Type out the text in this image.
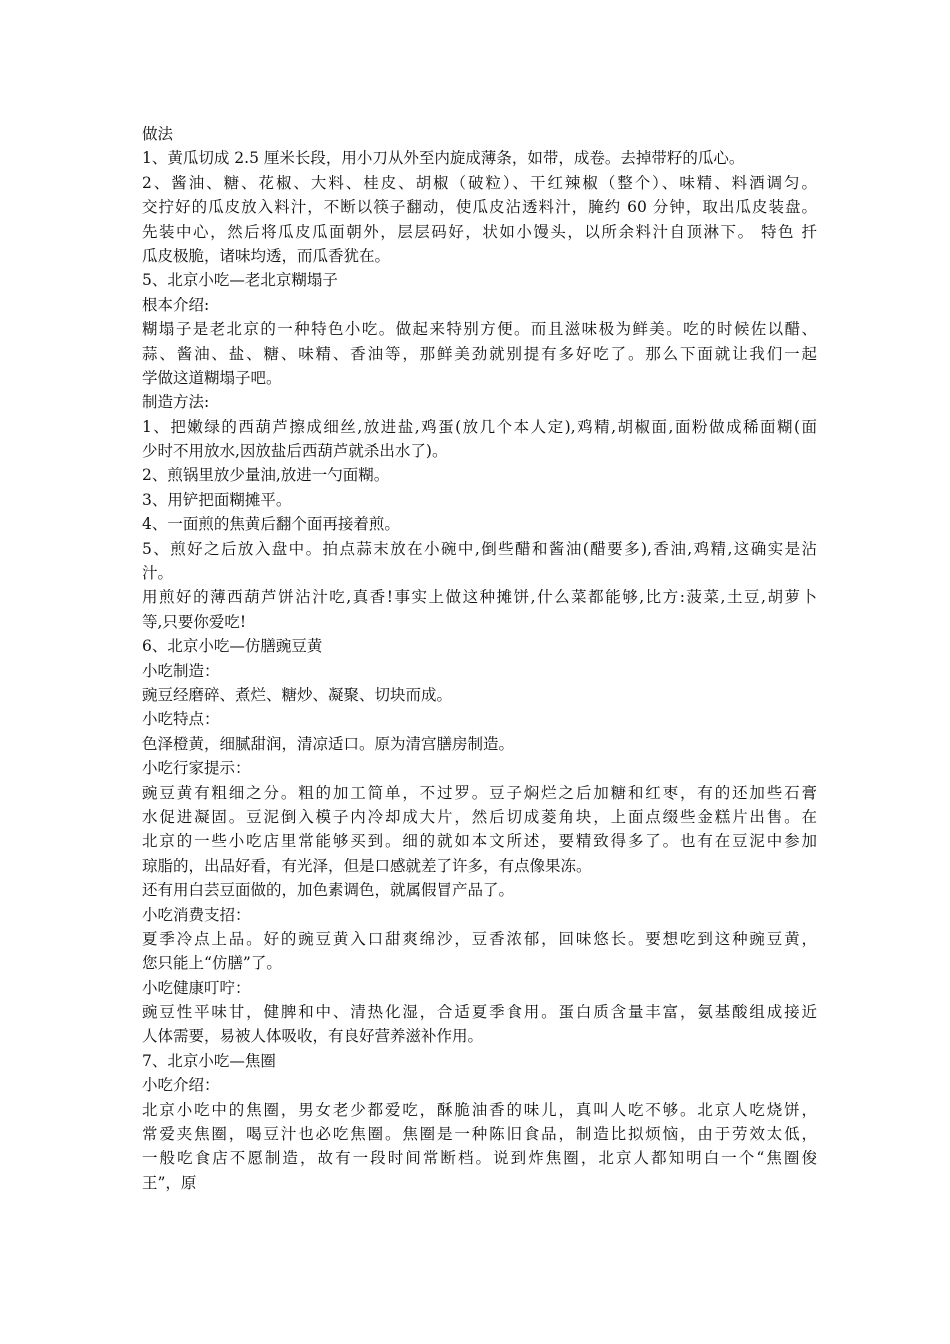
做法
1、黄瓜切成 2.5 厘米长段，用小刀从外至内旋成薄条，如带，成卷。去掉带籽的瓜心。
2、酱油、糖、花椒、大料、桂皮、胡椒（破粒）、干红辣椒（整个）、味精、料酒调匀。
交拧好的瓜皮放入料汁，不断以筷子翻动，使瓜皮沾透料汁，腌约 60 分钟，取出瓜皮装盘。
先装中心，然后将瓜皮瓜面朝外，层层码好，状如小馒头，以所余料汁自顶淋下。 特色 扦
瓜皮极脆，诸味均透，而瓜香犹在。
5、北京小吃—老北京糊塌子
根本介绍:
糊塌子是老北京的一种特色小吃。做起来特别方便。而且滋味极为鲜美。吃的时候佐以醋、
蒜、酱油、盐、糖、味精、香油等，那鲜美劲就别提有多好吃了。那么下面就让我们一起
学做这道糊塌子吧。
制造方法:
1、把嫩绿的西葫芦擦成细丝,放进盐,鸡蛋(放几个本人定),鸡精,胡椒面,面粉做成稀面糊(面
少时不用放水,因放盐后西葫芦就杀出水了)。
2、煎锅里放少量油,放进一勺面糊。
3、用铲把面糊摊平。
4、一面煎的焦黄后翻个面再接着煎。
5、煎好之后放入盘中。拍点蒜末放在小碗中,倒些醋和酱油(醋要多),香油,鸡精,这确实是沾
汁。
用煎好的薄西葫芦饼沾汁吃,真香!事实上做这种摊饼,什么菜都能够,比方:菠菜,土豆,胡萝卜
等,只要你爱吃!
6、北京小吃—仿膳豌豆黄
小吃制造：
豌豆经磨碎、煮烂、糖炒、凝聚、切块而成。
小吃特点：
色泽橙黄，细腻甜润，清凉适口。原为清宫膳房制造。
小吃行家提示：
豌豆黄有粗细之分。粗的加工简单，不过罗。豆子焖烂之后加糖和红枣，有的还加些石膏
水促进凝固。豆泥倒入模子内冷却成大片，然后切成菱角块，上面点缀些金糕片出售。在
北京的一些小吃店里常能够买到。细的就如本文所述，要精致得多了。也有在豆泥中参加
琼脂的，出品好看，有光泽，但是口感就差了许多，有点像果冻。
还有用白芸豆面做的，加色素调色，就属假冒产品了。
小吃消费支招：
夏季冷点上品。好的豌豆黄入口甜爽绵沙，豆香浓郁，回味悠长。要想吃到这种豌豆黄，
您只能上“仿膳”了。
小吃健康叮咛：
豌豆性平味甘，健脾和中、清热化湿，合适夏季食用。蛋白质含量丰富，氨基酸组成接近
人体需要，易被人体吸收，有良好营养滋补作用。
7、北京小吃—焦圈
小吃介绍：
北京小吃中的焦圈，男女老少都爱吃，酥脆油香的味儿，真叫人吃不够。北京人吃烧饼，
常爱夹焦圈，喝豆汁也必吃焦圈。焦圈是一种陈旧食品，制造比拟烦恼，由于劳效太低，
一般吃食店不愿制造，故有一段时间常断档。说到炸焦圈，北京人都知明白一个“焦圈俊
王”，原
